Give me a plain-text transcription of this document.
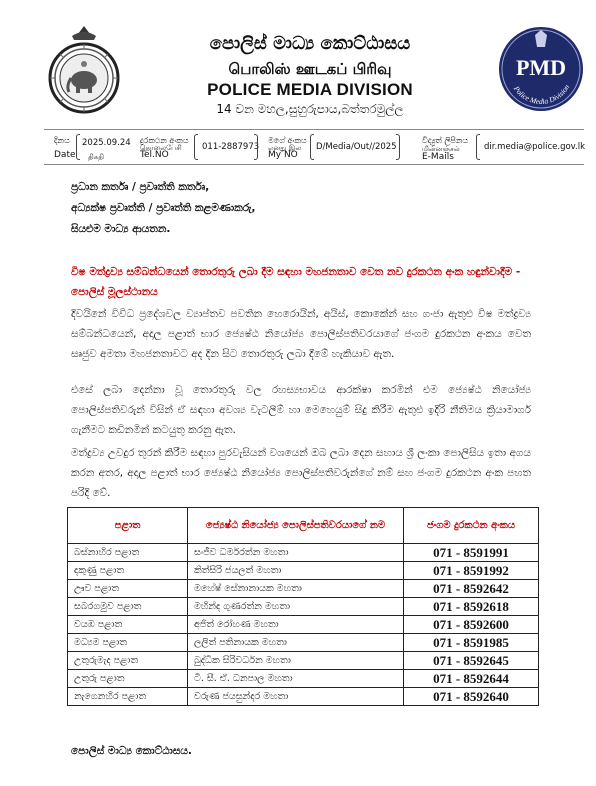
පොලිස් මාධ්‍ය කොට්ඨාසය
பொலிஸ் ஊடகப் பிரிவு
POLICE MEDIA DIVISION
14 වන මහල,සුහුරුපාය,බත්තරමුල්ල
PMD
Police Media Division
දිනය
Date
2025.09.24
திகதி
දුරකථන අංකය
Tel.NO
தொலைபேசி 011-2887973
මගේ අංකය
My NO
எனது இல D/Media/Out//2025
විද්‍යුත් ලිපිනය
மின்னஞ்சல்
E-Mails
dir.media@police.gov.lk
ප්‍රධාන කර්තෘ / ප්‍රවෘත්ති කර්තෘ,
අධ්‍යක්ෂ ප්‍රවෘත්ති / ප්‍රවෘත්ති කළමණාකරු,
සියළුම මාධ්‍ය ආයතන.
විෂ මත්ද්‍රව්‍ය සම්බන්ධයෙන් තොරතුරු ලබා දීම සඳහා මහජනතාව වෙත නව දුරකථන අංක හඳුන්වාදීම - පොලිස් මූලස්ථානය
දිවයිනේ විවිධ ප්‍රදේශවල ව්‍යාප්තව පවතින හෙරොයින්, අයිස්, කොකේන් සහ ගංජා ඇතුළු විෂ මත්ද්‍රව්‍ය සම්බන්ධයෙන්, අදාල පළාත් භාර ජ්‍යෙෂ්ඨ නියෝජ්‍ය පොලිස්පතිවරයාගේ ජංගම දුරකථන අංකය වෙත සෘජුව අමතා මහජනතාවට අද දින සිට තොරතුරු ලබා දීමේ හැකියාව ඇත.
එසේ ලබා දෙන්නා වූ තොරතුරු වල රහස්‍යභාවය ආරක්ෂා කරමින් එම ජ්‍යෙෂ්ඨ නියෝජ්‍ය පොලිස්පතිවරුන් විසින් ඒ සඳහා අවශ්‍ය වැටලීම් හා මෙහෙයුම් සිදු කිරීම ඇතුළු ඉදිරි නීතිමය ක්‍රියාමාර්ග ගැනීමට කඩිනමින් කටයුතු කරනු ඇත.
මත්ද්‍රව්‍ය උවදුර තුරන් කිරීම සඳහා පුරවැසියන් වශයෙන් ඔබ ලබා දෙන සහාය ශ්‍රී ලංකා පොලිසිය ඉතා අගය කරන අතර, අදාල පළාත් භාර ජ්‍යෙෂ්ඨ නියෝජ්‍ය පොලිස්පතිවරුන්ගේ නම් සහ ජංගම දුරකථන අංක පහත පරිදි වේ.
පළාත	ජ්‍යෙෂ්ඨ නියෝජ්‍ය පොලිස්පතිවරයාගේ නම	ජංගම දුරකථන අංකය
බස්නාහිර පළාත	සංජීව ධර්මරත්න මහතා	071 - 8591991
දකුණු පළාත	කිත්සිරි ජයලත් මහතා	071 - 8591992
ඌව පළාත	මහේෂ් සේනානායක මහතා	071 - 8592642
සබරගමුව පළාත	මහින්ද ගුණරත්න මහතා	071 - 8592618
වයඹ පළාත	අජිත් රෝහණ මහතා	071 - 8592600
මධ්‍යම පළාත	ලලිත් පතිනායක මහතා	071 - 8591985
උතුරුමැද පළාත	බුද්ධික සිරිවර්ධන මහතා	071 - 8592645
උතුරු පළාත	ටී. සී. ඒ. ධනපාල මහතා	071 - 8592644
නැගෙනහිර පළාත	වරුණ ජයසුන්දර මහතා	071 - 8592640
පොලිස් මාධ්‍ය කොට්ඨාසය.
